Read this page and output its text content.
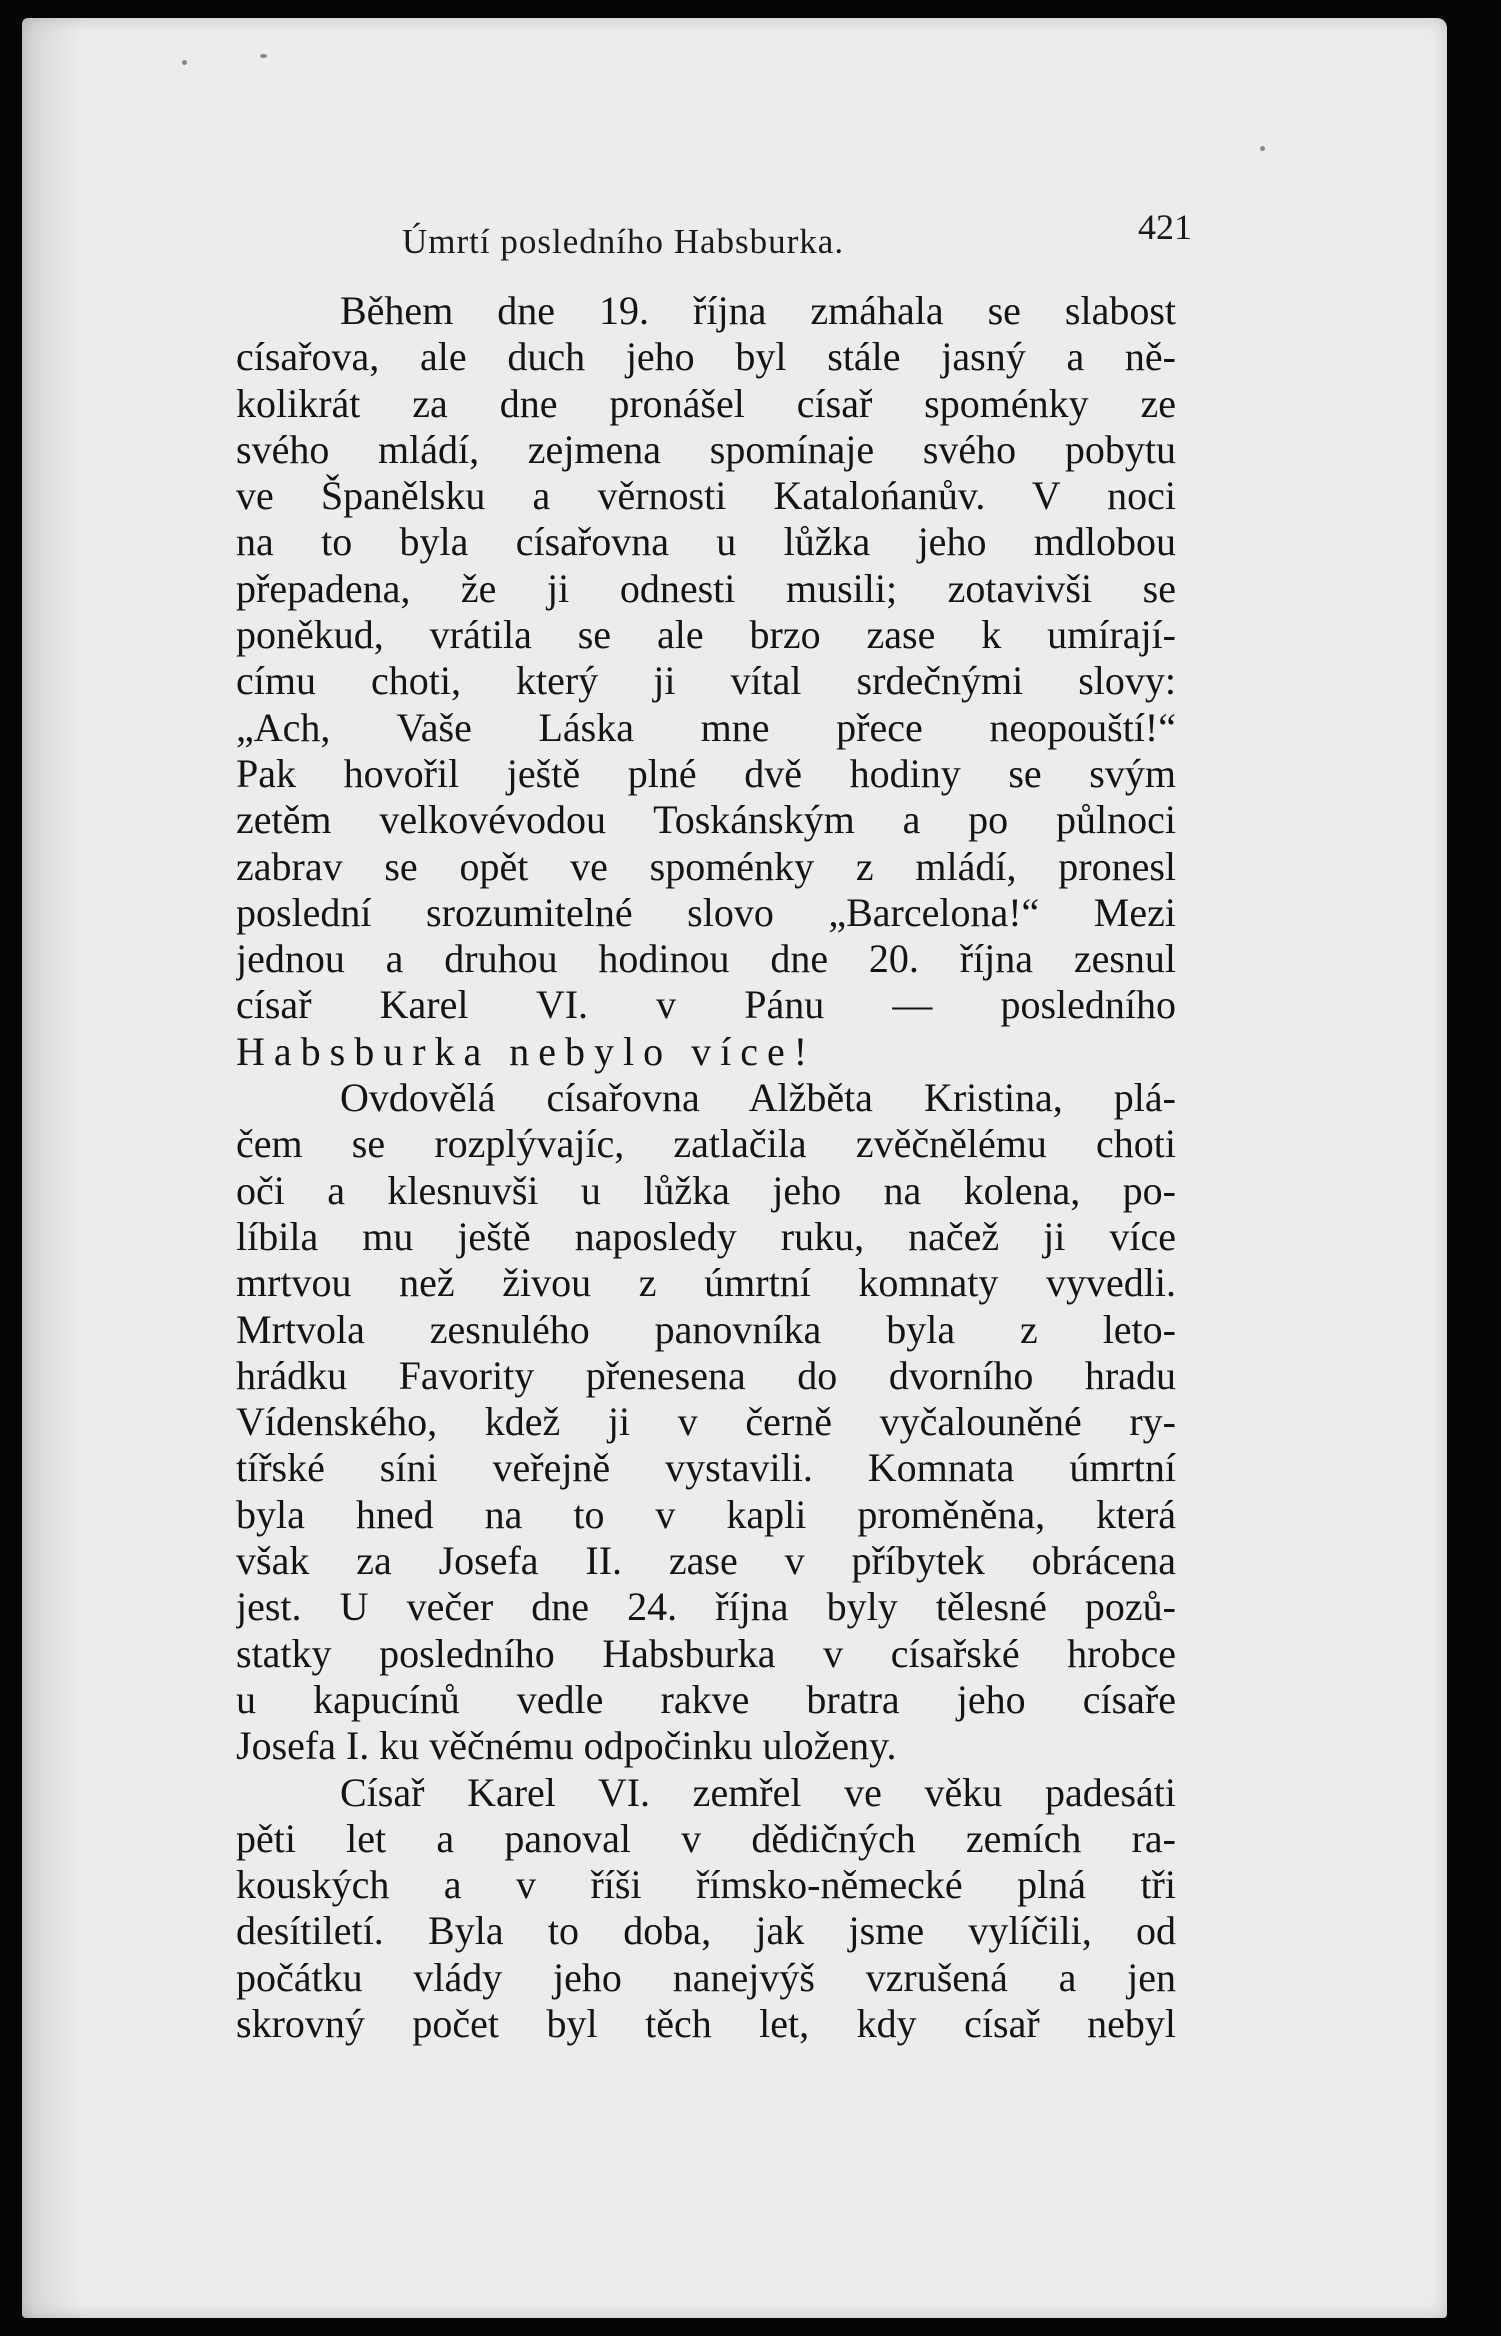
Úmrtí posledního Habsburka.	421
Během dne 19. října zmáhala se slabost
císařova, ale duch jeho byl stále jasný a ně-
kolikrát za dne pronášel císař spoménky ze
svého mládí, zejmena spomínaje svého pobytu
ve Španělsku a věrnosti Katalońanův. V noci
na to byla císařovna u lůžka jeho mdlobou
přepadena, že ji odnesti musili; zotavivši se
poněkud, vrátila se ale brzo zase k umírají-
címu choti, který ji vítal srdečnými slovy:
„Ach, Vaše Láska mne přece neopouští!“
Pak hovořil ještě plné dvě hodiny se svým
zetěm velkovévodou Toskánským a po půlnoci
zabrav se opět ve spoménky z mládí, pronesl
poslední srozumitelné slovo „Barcelona!“ Mezi
jednou a druhou hodinou dne 20. října zesnul
císař Karel VI. v Pánu — posledního
Habsburka nebylo více!
Ovdovělá císařovna Alžběta Kristina, plá-
čem se rozplývajíc, zatlačila zvěčnělému choti
oči a klesnuvši u lůžka jeho na kolena, po-
líbila mu ještě naposledy ruku, načež ji více
mrtvou než živou z úmrtní komnaty vyvedli.
Mrtvola zesnulého panovníka byla z leto-
hrádku Favority přenesena do dvorního hradu
Vídenského, kdež ji v černě vyčalouněné ry-
tířské síni veřejně vystavili. Komnata úmrtní
byla hned na to v kapli proměněna, která
však za Josefa II. zase v příbytek obrácena
jest. U večer dne 24. října byly tělesné pozů-
statky posledního Habsburka v císařské hrobce
u kapucínů vedle rakve bratra jeho císaře
Josefa I. ku věčnému odpočinku uloženy.
Císař Karel VI. zemřel ve věku padesáti
pěti let a panoval v dědičných zemích ra-
kouských a v říši římsko-německé plná tři
desítiletí. Byla to doba, jak jsme vylíčili, od
počátku vlády jeho nanejvýš vzrušená a jen
skrovný počet byl těch let, kdy císař nebyl
